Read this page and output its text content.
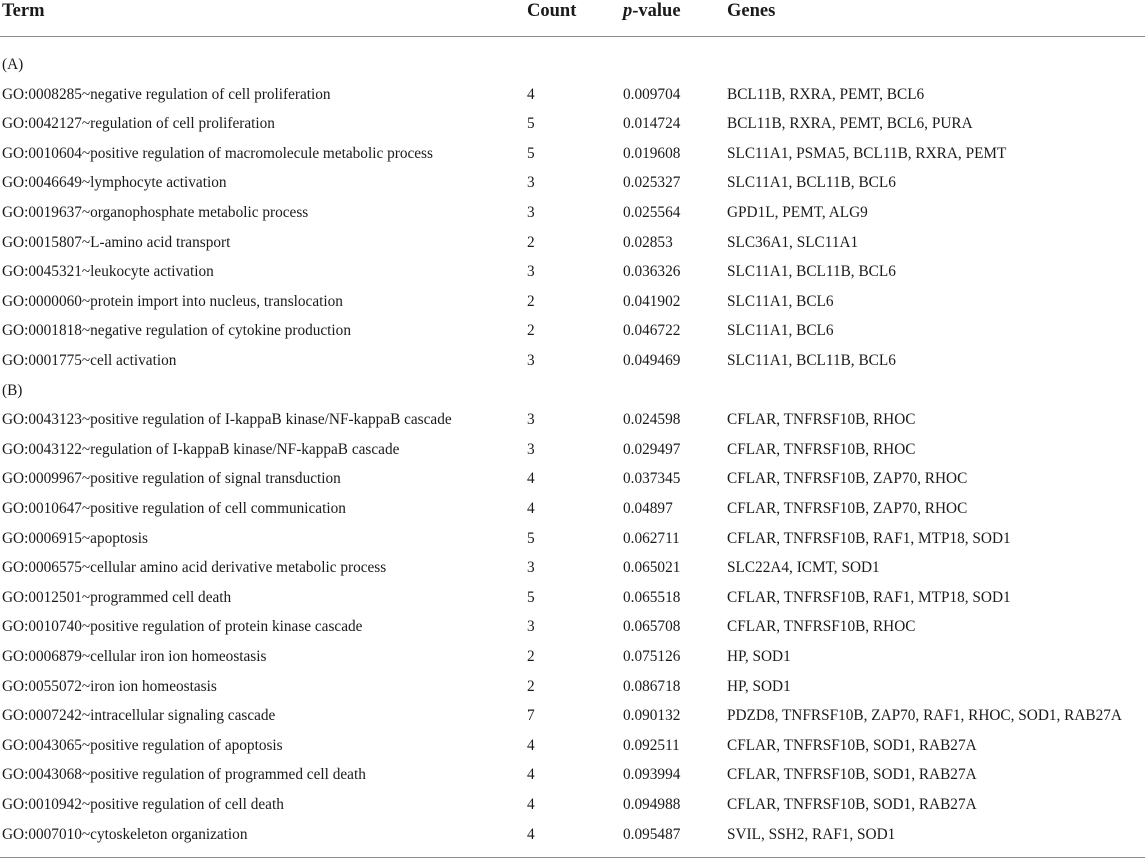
Term	Count	p-value	Genes
(A)
GO:0008285~negative regulation of cell proliferation	4	0.009704	BCL11B, RXRA, PEMT, BCL6
GO:0042127~regulation of cell proliferation	5	0.014724	BCL11B, RXRA, PEMT, BCL6, PURA
GO:0010604~positive regulation of macromolecule metabolic process	5	0.019608	SLC11A1, PSMA5, BCL11B, RXRA, PEMT
GO:0046649~lymphocyte activation	3	0.025327	SLC11A1, BCL11B, BCL6
GO:0019637~organophosphate metabolic process	3	0.025564	GPD1L, PEMT, ALG9
GO:0015807~L-amino acid transport	2	0.02853	SLC36A1, SLC11A1
GO:0045321~leukocyte activation	3	0.036326	SLC11A1, BCL11B, BCL6
GO:0000060~protein import into nucleus, translocation	2	0.041902	SLC11A1, BCL6
GO:0001818~negative regulation of cytokine production	2	0.046722	SLC11A1, BCL6
GO:0001775~cell activation	3	0.049469	SLC11A1, BCL11B, BCL6
(B)
GO:0043123~positive regulation of I-kappaB kinase/NF-kappaB cascade	3	0.024598	CFLAR, TNFRSF10B, RHOC
GO:0043122~regulation of I-kappaB kinase/NF-kappaB cascade	3	0.029497	CFLAR, TNFRSF10B, RHOC
GO:0009967~positive regulation of signal transduction	4	0.037345	CFLAR, TNFRSF10B, ZAP70, RHOC
GO:0010647~positive regulation of cell communication	4	0.04897	CFLAR, TNFRSF10B, ZAP70, RHOC
GO:0006915~apoptosis	5	0.062711	CFLAR, TNFRSF10B, RAF1, MTP18, SOD1
GO:0006575~cellular amino acid derivative metabolic process	3	0.065021	SLC22A4, ICMT, SOD1
GO:0012501~programmed cell death	5	0.065518	CFLAR, TNFRSF10B, RAF1, MTP18, SOD1
GO:0010740~positive regulation of protein kinase cascade	3	0.065708	CFLAR, TNFRSF10B, RHOC
GO:0006879~cellular iron ion homeostasis	2	0.075126	HP, SOD1
GO:0055072~iron ion homeostasis	2	0.086718	HP, SOD1
GO:0007242~intracellular signaling cascade	7	0.090132	PDZD8, TNFRSF10B, ZAP70, RAF1, RHOC, SOD1, RAB27A
GO:0043065~positive regulation of apoptosis	4	0.092511	CFLAR, TNFRSF10B, SOD1, RAB27A
GO:0043068~positive regulation of programmed cell death	4	0.093994	CFLAR, TNFRSF10B, SOD1, RAB27A
GO:0010942~positive regulation of cell death	4	0.094988	CFLAR, TNFRSF10B, SOD1, RAB27A
GO:0007010~cytoskeleton organization	4	0.095487	SVIL, SSH2, RAF1, SOD1
